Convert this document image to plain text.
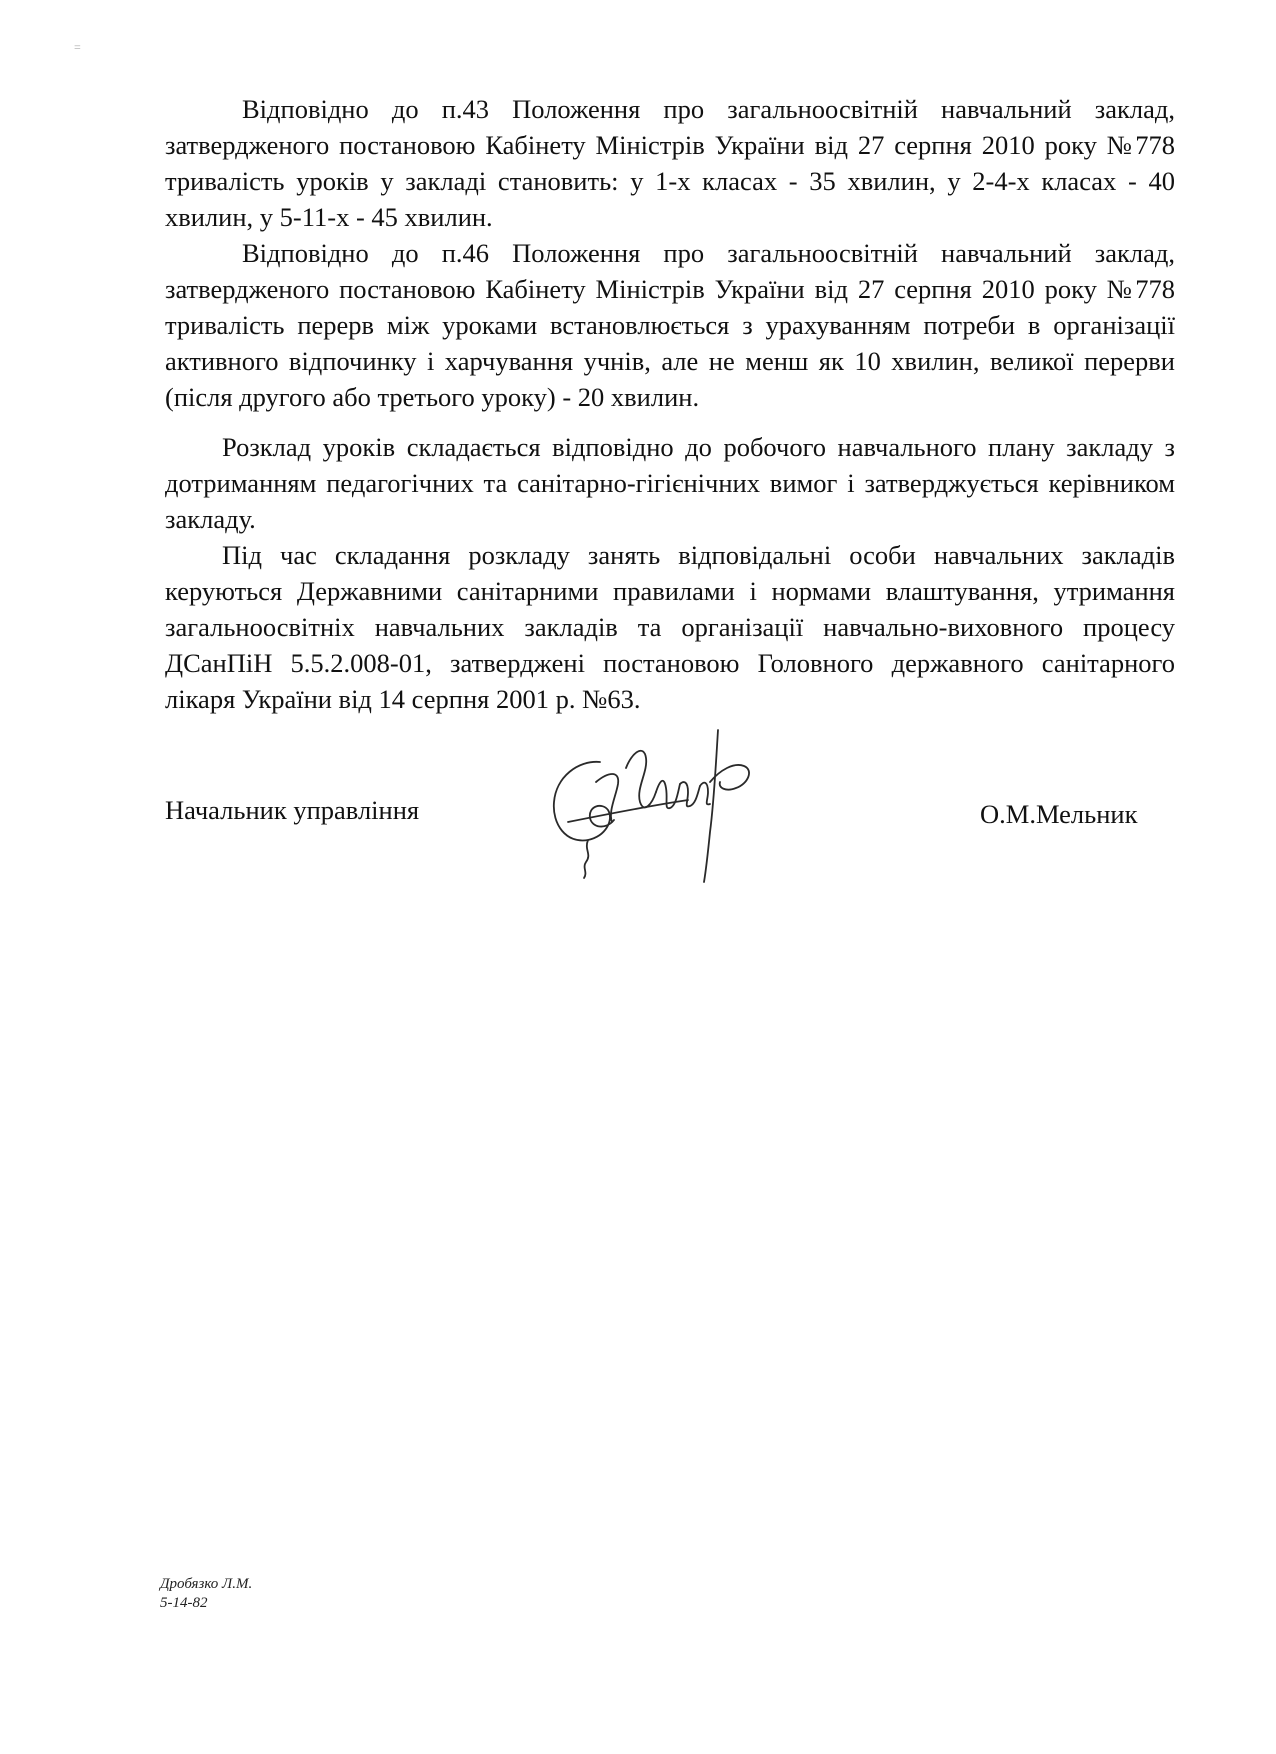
=

Відповідно до п.43 Положення про загальноосвітній навчальний заклад, затвердженого постановою Кабінету Міністрів України від 27 серпня 2010 року №778 тривалість уроків у закладі становить: у 1-х класах - 35 хвилин, у 2-4-х класах - 40 хвилин, у 5-11-х - 45 хвилин.

Відповідно до п.46 Положення про загальноосвітній навчальний заклад, затвердженого постановою Кабінету Міністрів України від 27 серпня 2010 року №778 тривалість перерв між уроками встановлюється з урахуванням потреби в організації активного відпочинку і харчування учнів, але не менш як 10 хвилин, великої перерви (після другого або третього уроку) - 20 хвилин.

Розклад уроків складається відповідно до робочого навчального плану закладу з дотриманням педагогічних та санітарно-гігієнічних вимог і затверджується керівником закладу.

Під час складання розкладу занять відповідальні особи навчальних закладів керуються Державними санітарними правилами і нормами влаштування, утримання загальноосвітніх навчальних закладів та організації навчально-виховного процесу ДСанПіН 5.5.2.008-01, затверджені постановою Головного державного санітарного лікаря України від 14 серпня 2001 р. №63.

Начальник управління	О.М.Мельник
Дробязко Л.М.
5-14-82
